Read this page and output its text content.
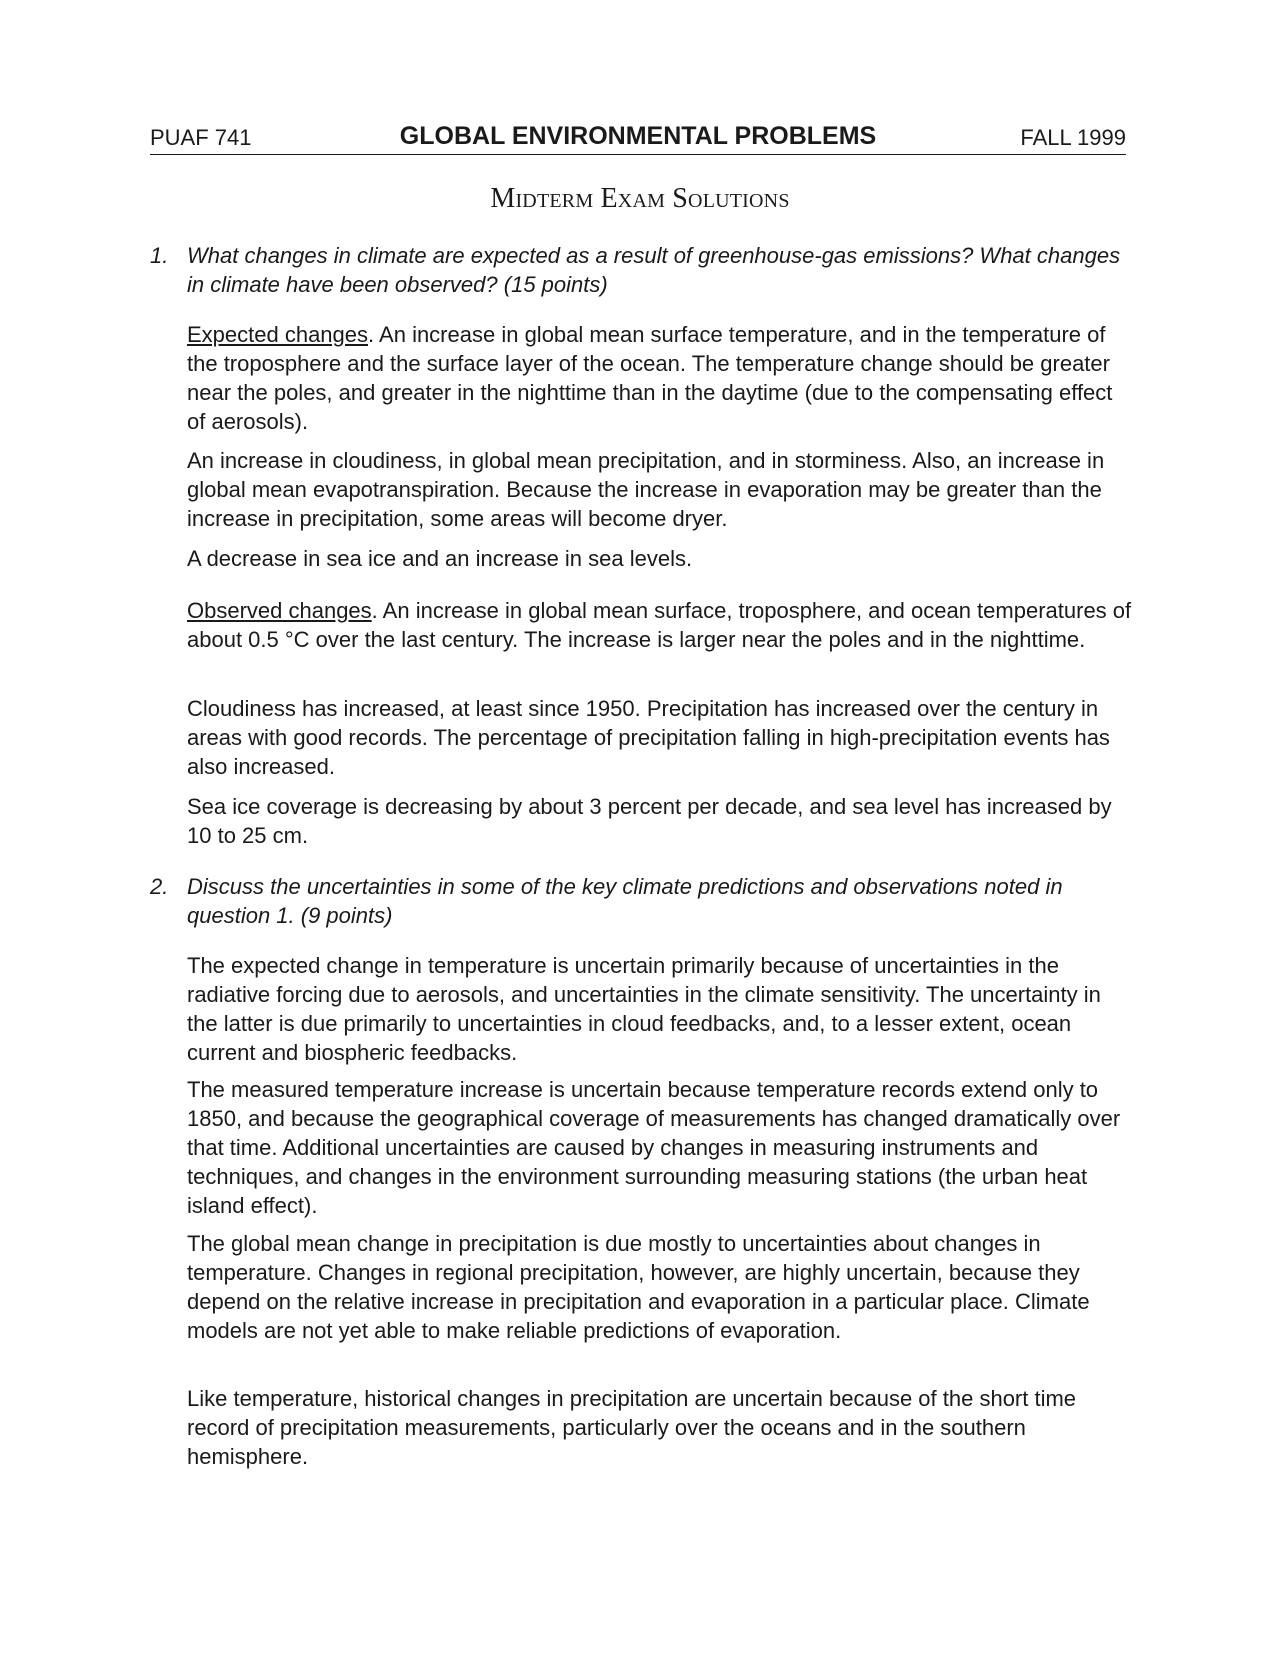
PUAF 741	GLOBAL ENVIRONMENTAL PROBLEMS	FALL 1999
Midterm Exam Solutions
1. What changes in climate are expected as a result of greenhouse-gas emissions? What changes in climate have been observed? (15 points)
Expected changes. An increase in global mean surface temperature, and in the temperature of the troposphere and the surface layer of the ocean. The temperature change should be greater near the poles, and greater in the nighttime than in the daytime (due to the compensating effect of aerosols).
An increase in cloudiness, in global mean precipitation, and in storminess. Also, an increase in global mean evapotranspiration. Because the increase in evaporation may be greater than the increase in precipitation, some areas will become dryer.
A decrease in sea ice and an increase in sea levels.
Observed changes. An increase in global mean surface, troposphere, and ocean temperatures of about 0.5 °C over the last century. The increase is larger near the poles and in the nighttime.
Cloudiness has increased, at least since 1950. Precipitation has increased over the century in areas with good records. The percentage of precipitation falling in high-precipitation events has also increased.
Sea ice coverage is decreasing by about 3 percent per decade, and sea level has increased by 10 to 25 cm.
2. Discuss the uncertainties in some of the key climate predictions and observations noted in question 1. (9 points)
The expected change in temperature is uncertain primarily because of uncertainties in the radiative forcing due to aerosols, and uncertainties in the climate sensitivity. The uncertainty in the latter is due primarily to uncertainties in cloud feedbacks, and, to a lesser extent, ocean current and biospheric feedbacks.
The measured temperature increase is uncertain because temperature records extend only to 1850, and because the geographical coverage of measurements has changed dramatically over that time. Additional uncertainties are caused by changes in measuring instruments and techniques, and changes in the environment surrounding measuring stations (the urban heat island effect).
The global mean change in precipitation is due mostly to uncertainties about changes in temperature. Changes in regional precipitation, however, are highly uncertain, because they depend on the relative increase in precipitation and evaporation in a particular place. Climate models are not yet able to make reliable predictions of evaporation.
Like temperature, historical changes in precipitation are uncertain because of the short time record of precipitation measurements, particularly over the oceans and in the southern hemisphere.
